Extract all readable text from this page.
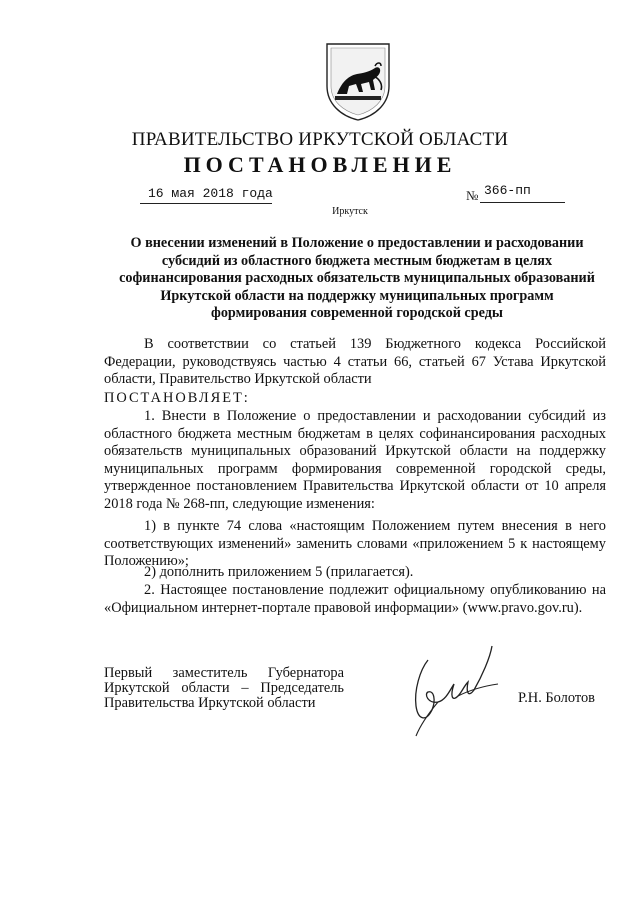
ПРАВИТЕЛЬСТВО ИРКУТСКОЙ ОБЛАСТИ
ПОСТАНОВЛЕНИЕ
16 мая 2018 года	№ 366-пп
Иркутск
О внесении изменений в Положение о предоставлении и расходовании субсидий из областного бюджета местным бюджетам в целях софинансирования расходных обязательств муниципальных образований Иркутской области на поддержку муниципальных программ формирования современной городской среды
В соответствии со статьей 139 Бюджетного кодекса Российской Федерации, руководствуясь частью 4 статьи 66, статьей 67 Устава Иркутской области, Правительство Иркутской области
ПОСТАНОВЛЯЕТ:
1. Внести в Положение о предоставлении и расходовании субсидий из областного бюджета местным бюджетам в целях софинансирования расходных обязательств муниципальных образований Иркутской области на поддержку муниципальных программ формирования современной городской среды, утвержденное постановлением Правительства Иркутской области от 10 апреля 2018 года № 268-пп, следующие изменения:
1) в пункте 74 слова «настоящим Положением путем внесения в него соответствующих изменений» заменить словами «приложением 5 к настоящему Положению»;
2) дополнить приложением 5 (прилагается).
2. Настоящее постановление подлежит официальному опубликованию на «Официальном интернет-портале правовой информации» (www.pravo.gov.ru).
Первый заместитель Губернатора
Иркутской области – Председатель
Правительства Иркутской области	Р.Н. Болотов
